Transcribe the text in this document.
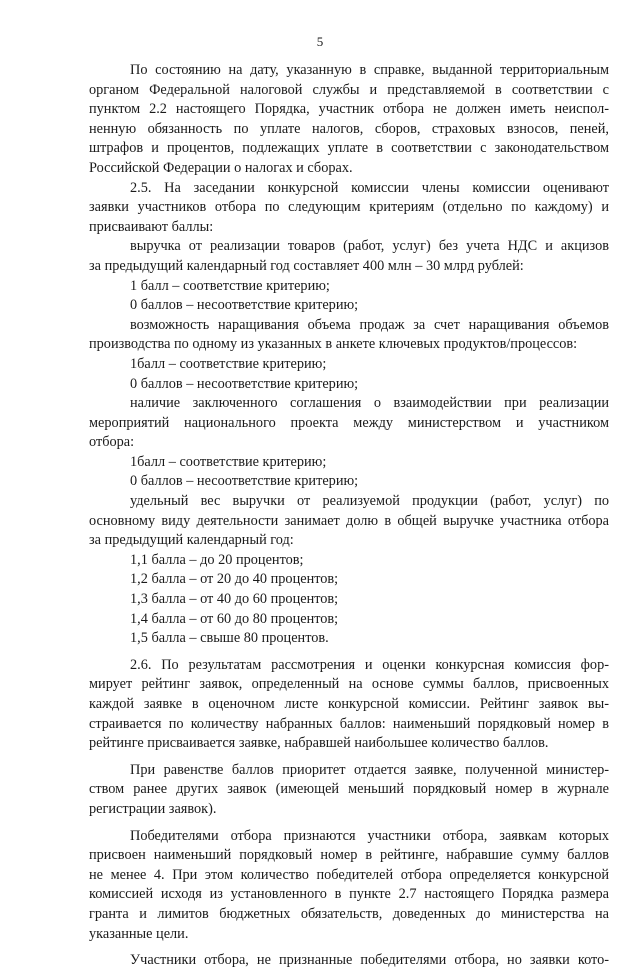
5
По состоянию на дату, указанную в справке, выданной территориальным
органом Федеральной налоговой службы и представляемой в соответствии с
пунктом 2.2 настоящего Порядка, участник отбора не должен иметь неиспол-
ненную обязанность по уплате налогов, сборов, страховых взносов, пеней,
штрафов и процентов, подлежащих уплате в соответствии с законодательством
Российской Федерации о налогах и сборах.
2.5. На заседании конкурсной комиссии члены комиссии оценивают
заявки участников отбора по следующим критериям (отдельно по каждому) и
присваивают баллы:
выручка от реализации товаров (работ, услуг) без учета НДС и акцизов
за предыдущий календарный год составляет 400 млн – 30 млрд рублей:
1 балл – соответствие критерию;
0 баллов – несоответствие критерию;
возможность наращивания объема продаж за счет наращивания объемов
производства по одному из указанных в анкете ключевых продуктов/процессов:
1балл – соответствие критерию;
0 баллов – несоответствие критерию;
наличие заключенного соглашения о взаимодействии при реализации
мероприятий национального проекта между министерством и участником
отбора:
1балл – соответствие критерию;
0 баллов – несоответствие критерию;
удельный вес выручки от реализуемой продукции (работ, услуг) по
основному виду деятельности занимает долю в общей выручке участника отбора
за предыдущий календарный год:
1,1 балла – до 20 процентов;
1,2 балла – от 20 до 40 процентов;
1,3 балла – от 40 до 60 процентов;
1,4 балла – от 60 до 80 процентов;
1,5 балла – свыше 80 процентов.
2.6. По результатам рассмотрения и оценки конкурсная комиссия фор-
мирует рейтинг заявок, определенный на основе суммы баллов, присвоенных
каждой заявке в оценочном листе конкурсной комиссии. Рейтинг заявок вы-
страивается по количеству набранных баллов: наименьший порядковый номер в
рейтинге присваивается заявке, набравшей наибольшее количество баллов.
При равенстве баллов приоритет отдается заявке, полученной министер-
ством ранее других заявок (имеющей меньший порядковый номер в журнале
регистрации заявок).
Победителями отбора признаются участники отбора, заявкам которых
присвоен наименьший порядковый номер в рейтинге, набравшие сумму баллов
не менее 4. При этом количество победителей отбора определяется конкурсной
комиссией исходя из установленного в пункте 2.7 настоящего Порядка размера
гранта и лимитов бюджетных обязательств, доведенных до министерства на
указанные цели.
Участники отбора, не признанные победителями отбора, но заявки кото-
